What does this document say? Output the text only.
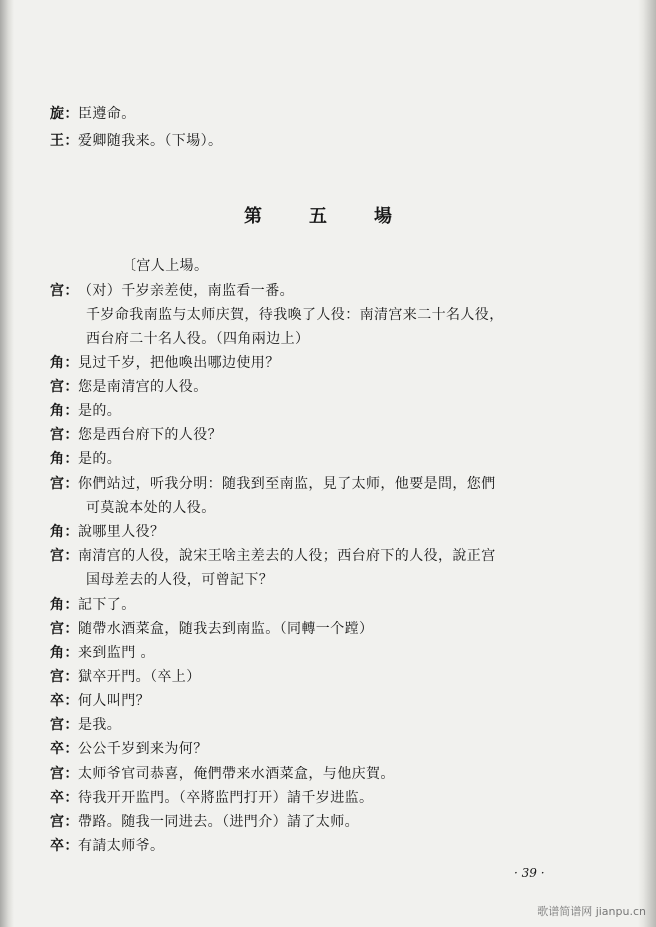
旋：臣遵命。
王：爱卿随我来。（下場）。
第	五	場
〔宫人上場。
宫：（对）千岁亲差使，南监看一番。
千岁命我南监与太师庆賀，待我喚了人役：南清宫来二十名人役，
西台府二十名人役。（四角兩边上）
角：見过千岁，把他喚出哪边使用？
宫：您是南清宫的人役。
角：是的。
宫：您是西台府下的人役？
角：是的。
宫：你們站过，听我分明：随我到至南监，見了太师，他要是問，您們
可莫說本处的人役。
角：說哪里人役？
宫：南清宫的人役，說宋王啥主差去的人役；西台府下的人役，說正宫
国母差去的人役，可曾記下？
角：記下了。
宫：随帶水酒菜盒，随我去到南监。（同轉一个蹚）
角：来到监門 。
宫：獄卒开門。（卒上）
卒：何人叫門？
宫：是我。
卒：公公千岁到来为何？
宫：太师爷官司恭喜，俺們帶来水酒菜盒，与他庆賀。
卒：待我开开监門。（卒將监門打开）請千岁进监。
宫：帶路。随我一同进去。（进門介）請了太师。
卒：有請太师爷。
· 39 ·
歌谱简谱网 jianpu.cn
